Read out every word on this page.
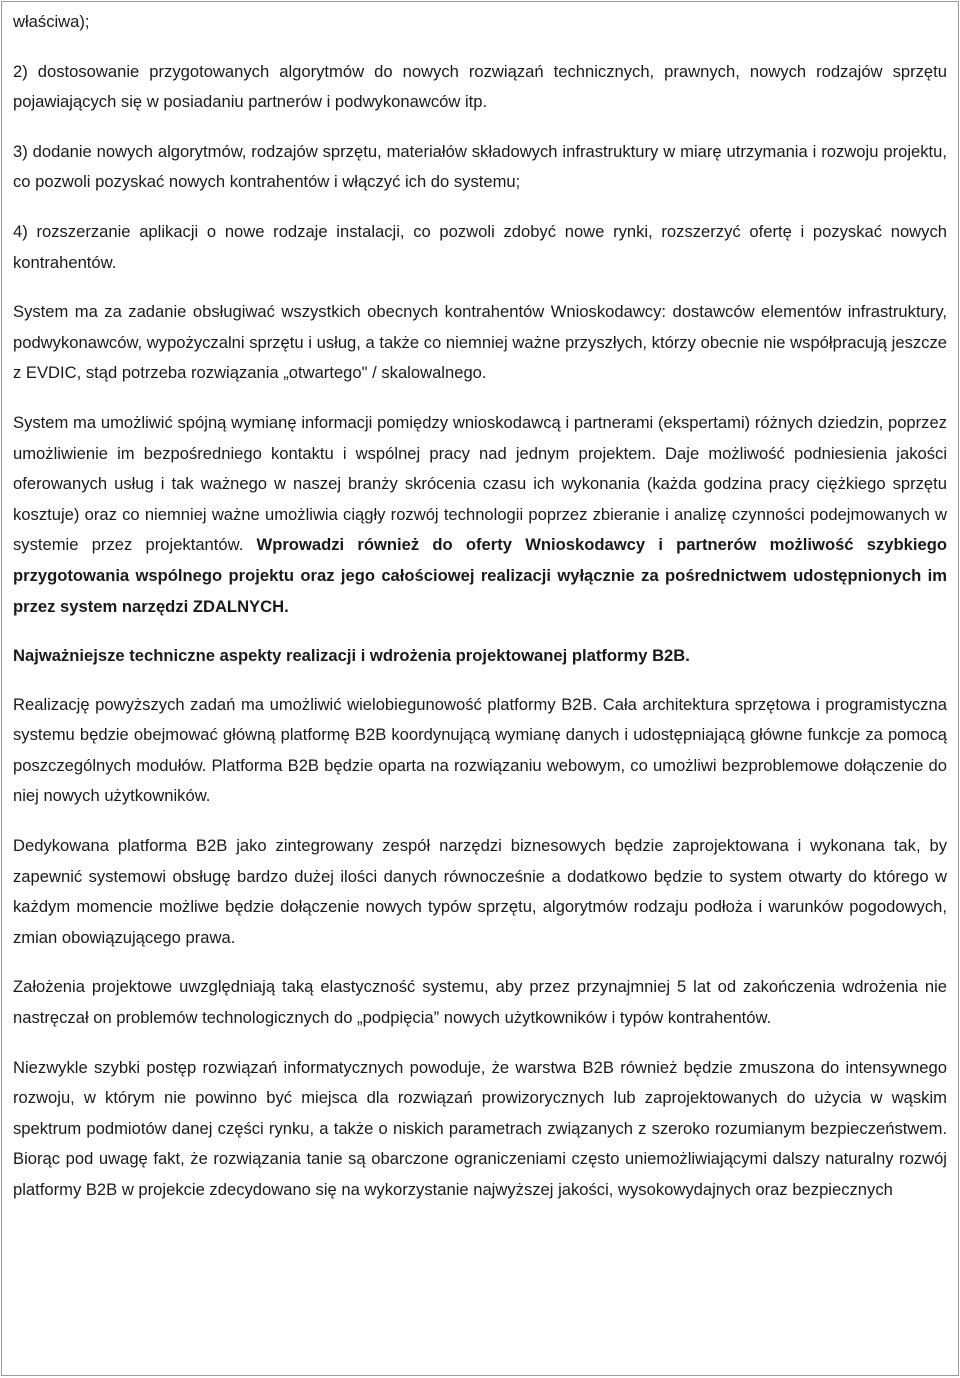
właściwa);

2) dostosowanie przygotowanych algorytmów do nowych rozwiązań technicznych, prawnych, nowych rodzajów sprzętu pojawiających się w posiadaniu partnerów i podwykonawców itp.

3) dodanie nowych algorytmów, rodzajów sprzętu, materiałów składowych infrastruktury w miarę utrzymania i rozwoju projektu, co pozwoli pozyskać nowych kontrahentów i włączyć ich do systemu;

4) rozszerzanie aplikacji o nowe rodzaje instalacji, co pozwoli zdobyć nowe rynki, rozszerzyć ofertę i pozyskać nowych kontrahentów.

System ma za zadanie obsługiwać wszystkich obecnych kontrahentów Wnioskodawcy: dostawców elementów infrastruktury, podwykonawców, wypożyczalni sprzętu i usług, a także co niemniej ważne przyszłych, którzy obecnie nie współpracują jeszcze z EVDIC, stąd potrzeba rozwiązania „otwartego" / skalowalnego.

System ma umożliwić spójną wymianę informacji pomiędzy wnioskodawcą i partnerami (ekspertami) różnych dziedzin, poprzez umożliwienie im bezpośredniego kontaktu i wspólnej pracy nad jednym projektem. Daje możliwość podniesienia jakości oferowanych usług i tak ważnego w naszej branży skrócenia czasu ich wykonania (każda godzina pracy ciężkiego sprzętu kosztuje) oraz co niemniej ważne umożliwia ciągły rozwój technologii poprzez zbieranie i analizę czynności podejmowanych w systemie przez projektantów. Wprowadzi również do oferty Wnioskodawcy i partnerów możliwość szybkiego przygotowania wspólnego projektu oraz jego całościowej realizacji wyłącznie za pośrednictwem udostępnionych im przez system narzędzi ZDALNYCH.

Najważniejsze techniczne aspekty realizacji i wdrożenia projektowanej platformy B2B.

Realizację powyższych zadań ma umożliwić wielobiegunowość platformy B2B. Cała architektura sprzętowa i programistyczna systemu będzie obejmować główną platformę B2B koordynującą wymianę danych i udostępniającą główne funkcje za pomocą poszczególnych modułów. Platforma B2B będzie oparta na rozwiązaniu webowym, co umożliwi bezproblemowe dołączenie do niej nowych użytkowników.

Dedykowana platforma B2B jako zintegrowany zespół narzędzi biznesowych będzie zaprojektowana i wykonana tak, by zapewnić systemowi obsługę bardzo dużej ilości danych równocześnie a dodatkowo będzie to system otwarty do którego w każdym momencie możliwe będzie dołączenie nowych typów sprzętu, algorytmów rodzaju podłoża i warunków pogodowych, zmian obowiązującego prawa.

Założenia projektowe uwzględniają taką elastyczność systemu, aby przez przynajmniej 5 lat od zakończenia wdrożenia nie nastręczał on problemów technologicznych do „podpięcia” nowych użytkowników i typów kontrahentów.

Niezwykle szybki postęp rozwiązań informatycznych powoduje, że warstwa B2B również będzie zmuszona do intensywnego rozwoju, w którym nie powinno być miejsca dla rozwiązań prowizorycznych lub zaprojektowanych do użycia w wąskim spektrum podmiotów danej części rynku, a także o niskich parametrach związanych z szeroko rozumianym bezpieczeństwem. Biorąc pod uwagę fakt, że rozwiązania tanie są obarczone ograniczeniami często uniemożliwiającymi dalszy naturalny rozwój platformy B2B w projekcie zdecydowano się na wykorzystanie najwyższej jakości, wysokowydajnych oraz bezpiecznych
